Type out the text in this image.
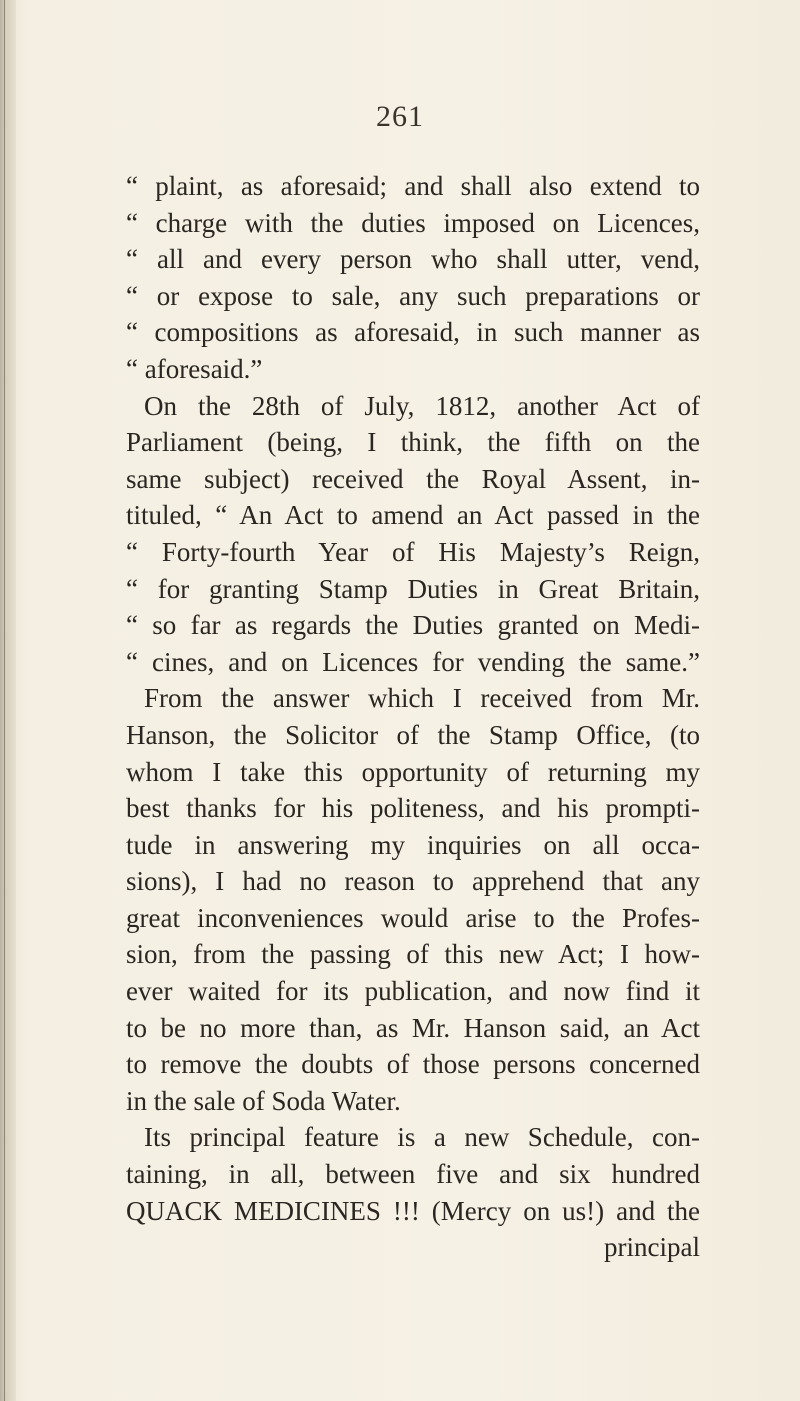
261
“ plaint, as aforesaid; and shall also extend to
“ charge with the duties imposed on Licences,
“ all and every person who shall utter, vend,
“ or expose to sale, any such preparations or
“ compositions as aforesaid, in such manner as
“ aforesaid.”
On the 28th of July, 1812, another Act of
Parliament (being, I think, the fifth on the
same subject) received the Royal Assent, in-
tituled, “ An Act to amend an Act passed in the
“ Forty-fourth Year of His Majesty’s Reign,
“ for granting Stamp Duties in Great Britain,
“ so far as regards the Duties granted on Medi-
“ cines, and on Licences for vending the same.”
From the answer which I received from Mr.
Hanson, the Solicitor of the Stamp Office, (to
whom I take this opportunity of returning my
best thanks for his politeness, and his prompti-
tude in answering my inquiries on all occa-
sions), I had no reason to apprehend that any
great inconveniences would arise to the Profes-
sion, from the passing of this new Act; I how-
ever waited for its publication, and now find it
to be no more than, as Mr. Hanson said, an Act
to remove the doubts of those persons concerned
in the sale of Soda Water.
Its principal feature is a new Schedule, con-
taining, in all, between five and six hundred
QUACK MEDICINES !!! (Mercy on us!) and the
principal
